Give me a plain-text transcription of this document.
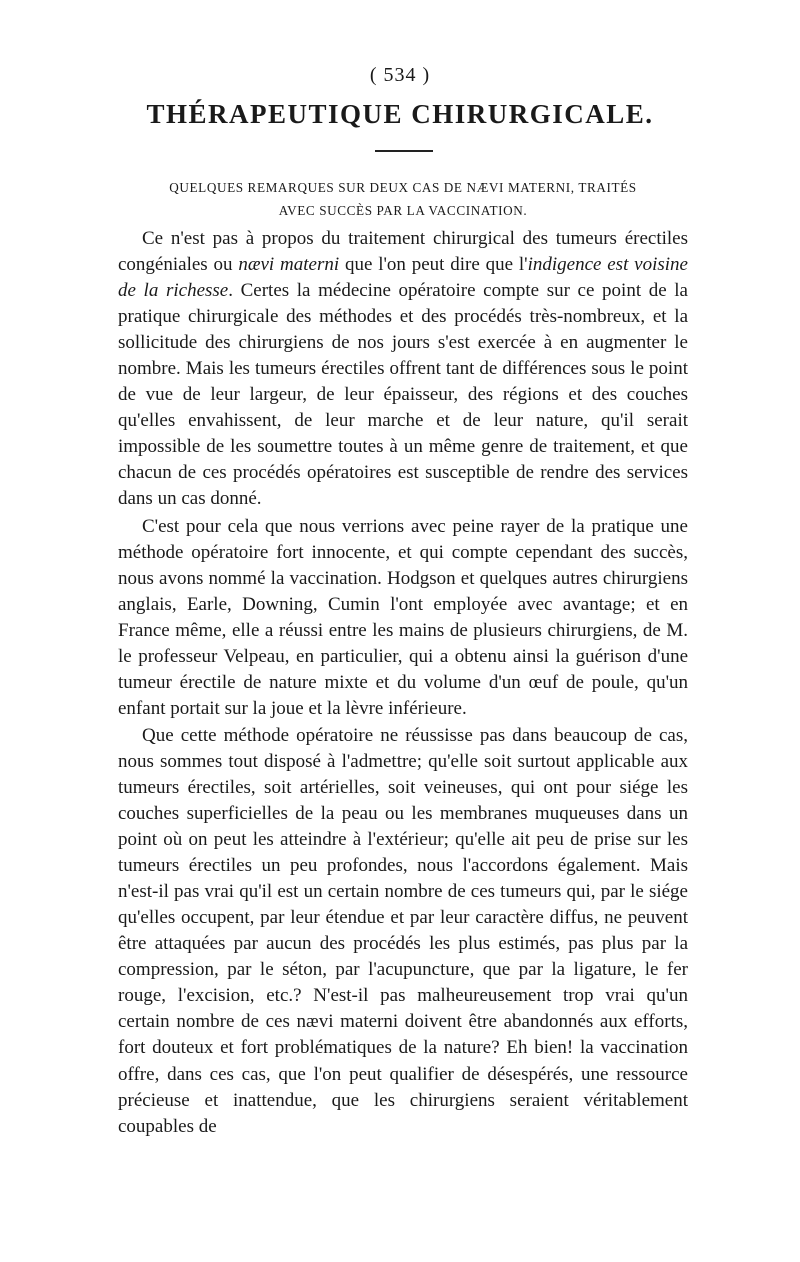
( 534 )
THÉRAPEUTIQUE CHIRURGICALE.
QUELQUES REMARQUES SUR DEUX CAS DE NÆVI MATERNI, TRAITÉS
AVEC SUCCÈS PAR LA VACCINATION.

Ce n'est pas à propos du traitement chirurgical des tumeurs érectiles congéniales ou nævi materni que l'on peut dire que l'indigence est voisine de la richesse. Certes la médecine opératoire compte sur ce point de la pratique chirurgicale des méthodes et des procédés très-nombreux, et la sollicitude des chirurgiens de nos jours s'est exercée à en augmenter le nombre. Mais les tumeurs érectiles offrent tant de différences sous le point de vue de leur largeur, de leur épaisseur, des régions et des couches qu'elles envahissent, de leur marche et de leur nature, qu'il serait impossible de les soumettre toutes à un même genre de traitement, et que chacun de ces procédés opératoires est susceptible de rendre des services dans un cas donné.

C'est pour cela que nous verrions avec peine rayer de la pratique une méthode opératoire fort innocente, et qui compte cependant des succès, nous avons nommé la vaccination. Hodgson et quelques autres chirurgiens anglais, Earle, Downing, Cumin l'ont employée avec avantage; et en France même, elle a réussi entre les mains de plusieurs chirurgiens, de M. le professeur Velpeau, en particulier, qui a obtenu ainsi la guérison d'une tumeur érectile de nature mixte et du volume d'un œuf de poule, qu'un enfant portait sur la joue et la lèvre inférieure.

Que cette méthode opératoire ne réussisse pas dans beaucoup de cas, nous sommes tout disposé à l'admettre; qu'elle soit surtout applicable aux tumeurs érectiles, soit artérielles, soit veineuses, qui ont pour siége les couches superficielles de la peau ou les membranes muqueuses dans un point où on peut les atteindre à l'extérieur; qu'elle ait peu de prise sur les tumeurs érectiles un peu profondes, nous l'accordons également. Mais n'est-il pas vrai qu'il est un certain nombre de ces tumeurs qui, par le siége qu'elles occupent, par leur étendue et par leur caractère diffus, ne peuvent être attaquées par aucun des procédés les plus estimés, pas plus par la compression, par le séton, par l'acupuncture, que par la ligature, le fer rouge, l'excision, etc.? N'est-il pas malheureusement trop vrai qu'un certain nombre de ces nævi materni doivent être abandonnés aux efforts, fort douteux et fort problématiques de la nature? Eh bien! la vaccination offre, dans ces cas, que l'on peut qualifier de désespérés, une ressource précieuse et inattendue, que les chirurgiens seraient véritablement coupables de
